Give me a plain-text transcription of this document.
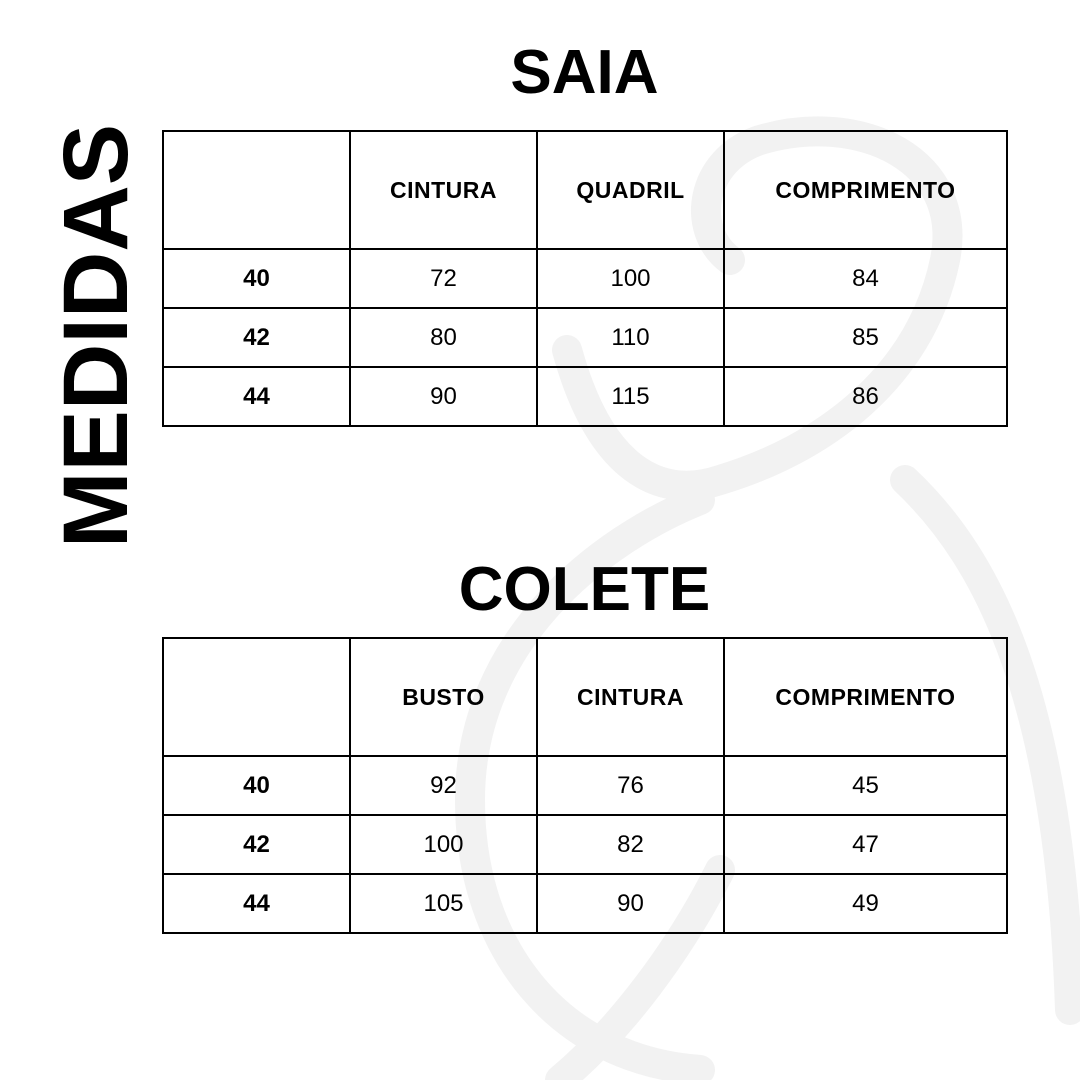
MEDIDAS
SAIA
	CINTURA	QUADRIL	COMPRIMENTO
40	72	100	84
42	80	110	85
44	90	115	86
COLETE
	BUSTO	CINTURA	COMPRIMENTO
40	92	76	45
42	100	82	47
44	105	90	49
